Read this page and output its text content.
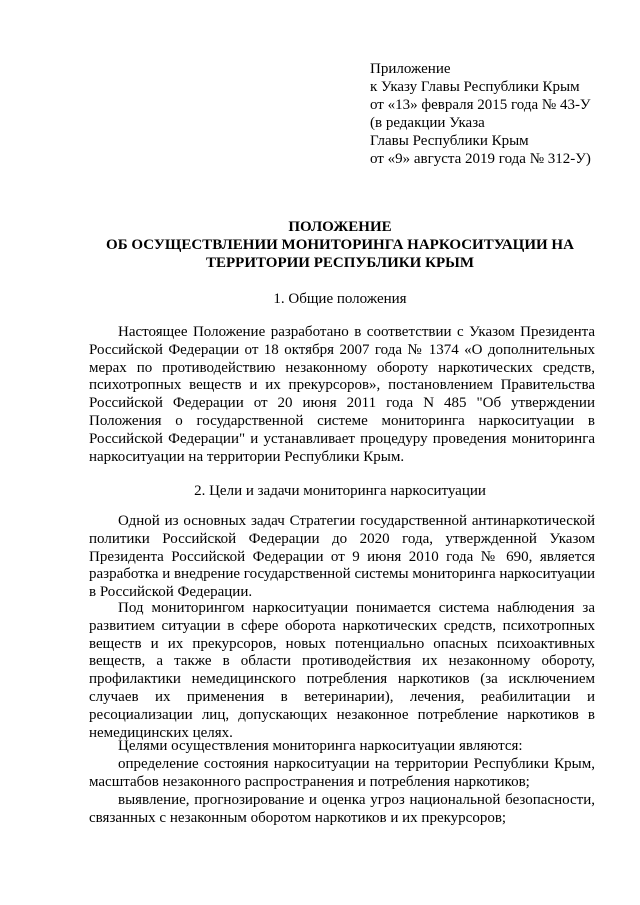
Приложение
к Указу Главы Республики Крым
от «13» февраля 2015 года № 43-У
(в редакции Указа
Главы Республики Крым
от «9» августа 2019 года № 312-У)
ПОЛОЖЕНИЕ
ОБ ОСУЩЕСТВЛЕНИИ МОНИТОРИНГА НАРКОСИТУАЦИИ НА
ТЕРРИТОРИИ РЕСПУБЛИКИ КРЫМ
1. Общие положения

Настоящее Положение разработано в соответствии с Указом Президента Российской Федерации от 18 октября 2007 года № 1374 «О дополнительных мерах по противодействию незаконному обороту наркотических средств, психотропных веществ и их прекурсоров», постановлением Правительства Российской Федерации от 20 июня 2011 года N 485 "Об утверждении Положения о государственной системе мониторинга наркоситуации в Российской Федерации" и устанавливает процедуру проведения мониторинга наркоситуации на территории Республики Крым.

2. Цели и задачи мониторинга наркоситуации

Одной из основных задач Стратегии государственной антинаркотической политики Российской Федерации до 2020 года, утвержденной Указом Президента Российской Федерации от 9 июня 2010 года № 690, является разработка и внедрение государственной системы мониторинга наркоситуации в Российской Федерации.

Под мониторингом наркоситуации понимается система наблюдения за развитием ситуации в сфере оборота наркотических средств, психотропных веществ и их прекурсоров, новых потенциально опасных психоактивных веществ, а также в области противодействия их незаконному обороту, профилактики немедицинского потребления наркотиков (за исключением случаев их применения в ветеринарии), лечения, реабилитации и ресоциализации лиц, допускающих незаконное потребление наркотиков в немедицинских целях.

Целями осуществления мониторинга наркоситуации являются:

определение состояния наркоситуации на территории Республики Крым, масштабов незаконного распространения и потребления наркотиков;

выявление, прогнозирование и оценка угроз национальной безопасности, связанных с незаконным оборотом наркотиков и их прекурсоров;
